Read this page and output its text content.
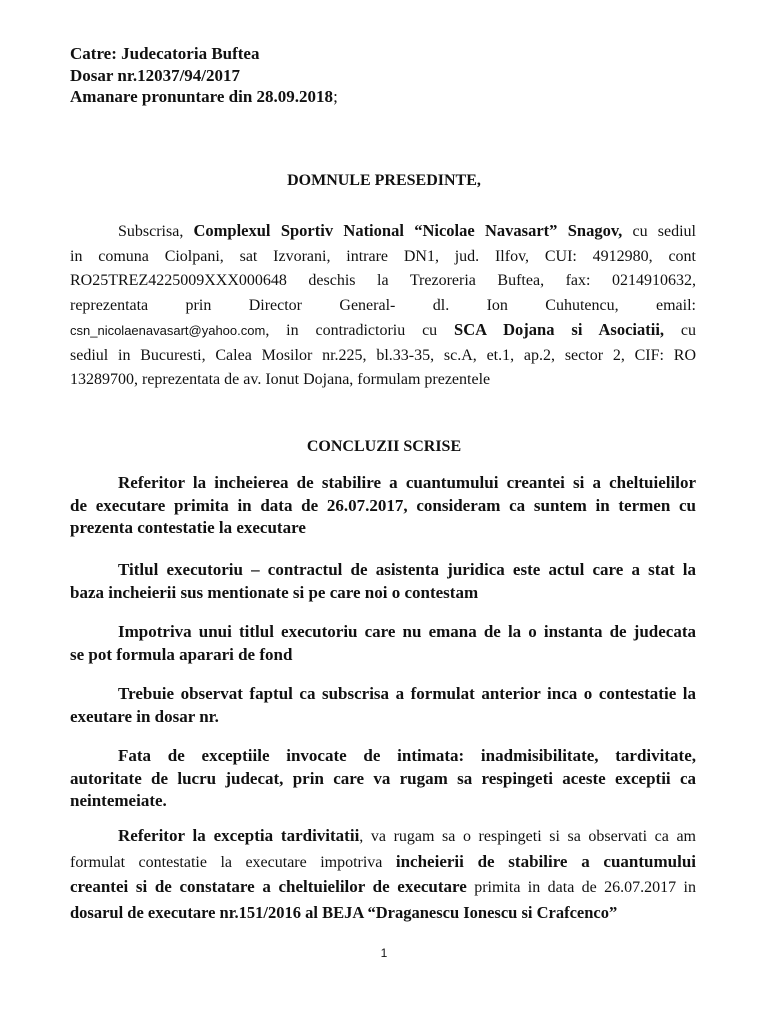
Catre: Judecatoria Buftea
Dosar nr.12037/94/2017
Amanare pronuntare din 28.09.2018;
DOMNULE PRESEDINTE,
Subscrisa, Complexul Sportiv National “Nicolae Navasart” Snagov, cu sediul
in comuna Ciolpani, sat Izvorani, intrare DN1, jud. Ilfov, CUI: 4912980, cont
RO25TREZ4225009XXX000648 deschis la Trezoreria Buftea, fax: 0214910632,
reprezentata prin Director General- dl. Ion Cuhutencu, email:
csn_nicolaenavasart@yahoo.com, in contradictoriu cu SCA Dojana si Asociatii, cu
sediul in Bucuresti, Calea Mosilor nr.225, bl.33-35, sc.A, et.1, ap.2, sector 2, CIF: RO
13289700, reprezentata de av. Ionut Dojana, formulam prezentele
CONCLUZII SCRISE
Referitor la incheierea de stabilire a cuantumului creantei si a cheltuielilor
de executare primita in data de 26.07.2017, consideram ca suntem in termen cu
prezenta contestatie la executare
Titlul executoriu – contractul de asistenta juridica este actul care a stat la
baza incheierii sus mentionate si pe care noi o contestam
Impotriva unui titlul executoriu care nu emana de la o instanta de judecata
se pot formula aparari de fond
Trebuie observat faptul ca subscrisa a formulat anterior inca o contestatie la
exeutare in dosar nr.
Fata de exceptiile invocate de intimata: inadmisibilitate, tardivitate,
autoritate de lucru judecat, prin care va rugam sa respingeti aceste exceptii ca
neintemeiate.
Referitor la exceptia tardivitatii, va rugam sa o respingeti si sa observati ca am
formulat contestatie la executare impotriva incheierii de stabilire a cuantumului
creantei si de constatare a cheltuielilor de executare primita in data de 26.07.2017 in
dosarul de executare nr.151/2016 al BEJA “Draganescu Ionescu si Crafcenco”
1
